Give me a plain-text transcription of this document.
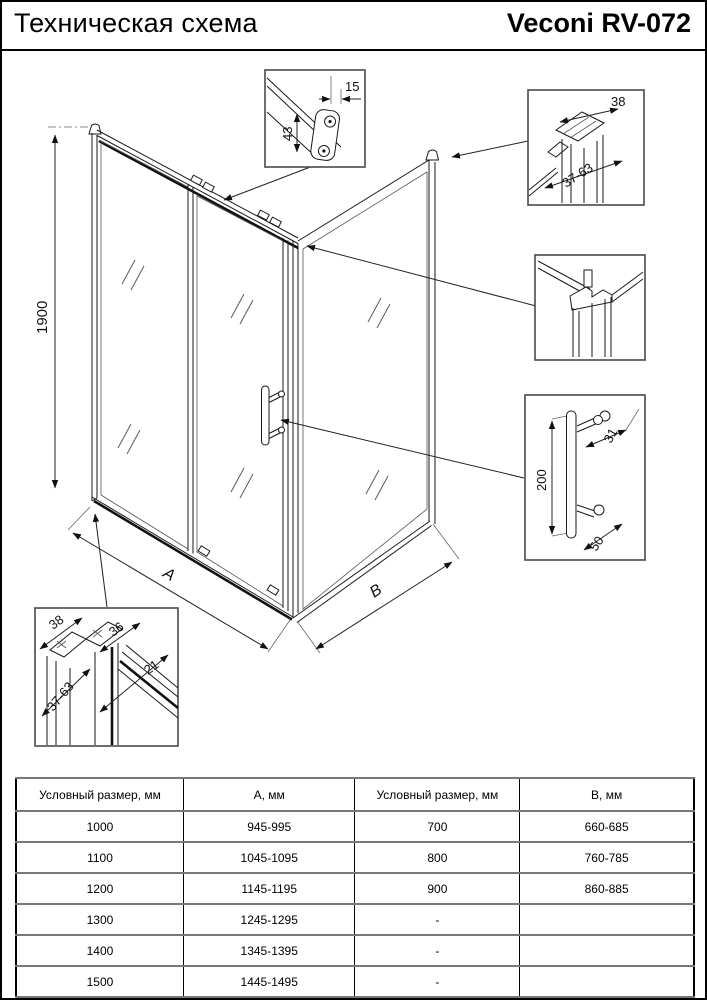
Техническая схема	Veconi RV-072
1900
A
B
15
43
38
37-63
200
31
50
38	36
37-63
21
Условный размер, мм	А, мм	Условный размер, мм	В, мм
1000	945-995	700	660-685
1100	1045-1095	800	760-785
1200	1145-1195	900	860-885
1300	1245-1295	-	
1400	1345-1395	-	
1500	1445-1495	-	
